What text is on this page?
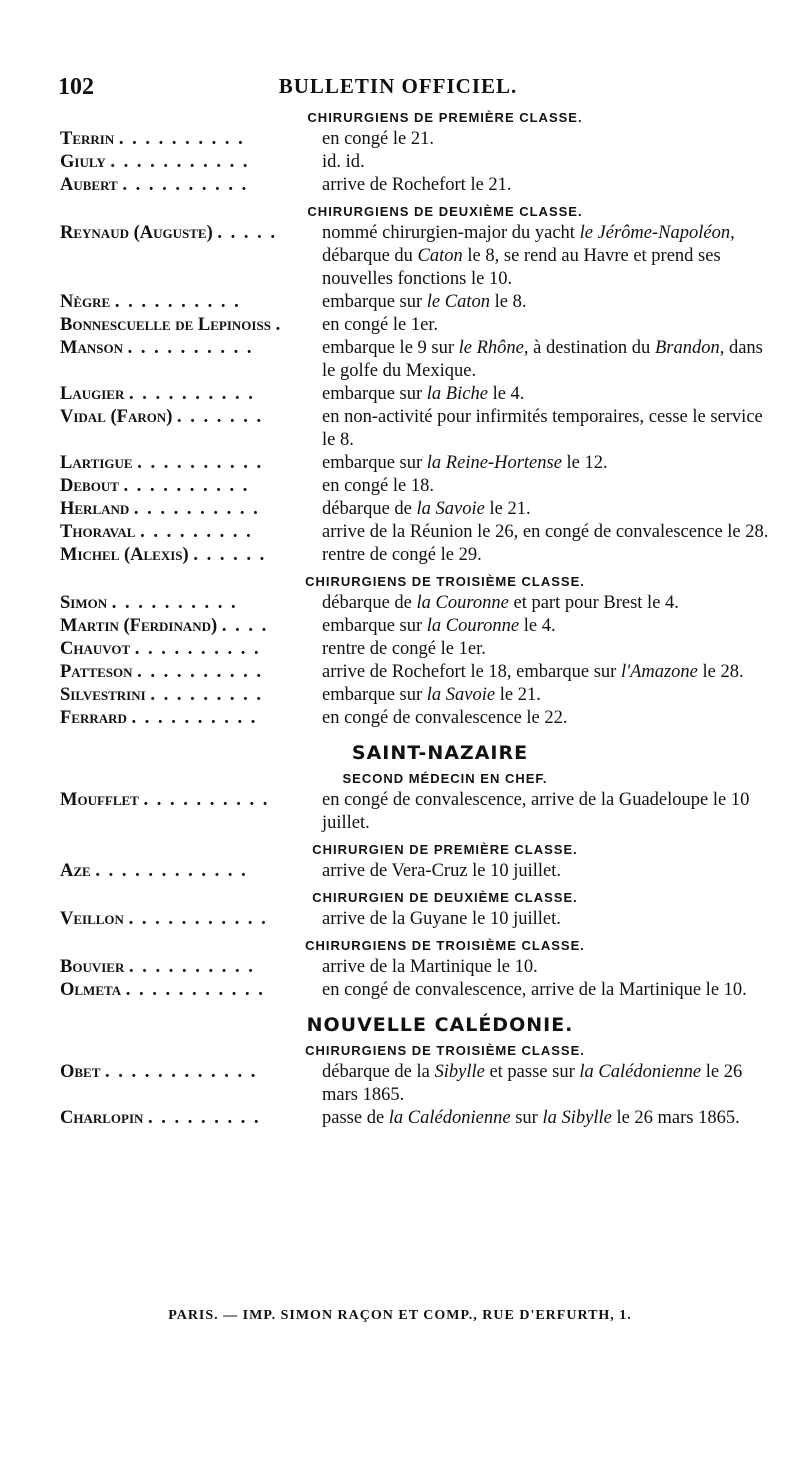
102	BULLETIN OFFICIEL.
CHIRURGIENS DE PREMIÈRE CLASSE.
Terrin . . . . . . . . . .	en congé le 21.
Giuly . . . . . . . . . . .	id. id.
Aubert . . . . . . . . . .	arrive de Rochefort le 21.
CHIRURGIENS DE DEUXIÈME CLASSE.
Reynaud (Auguste) . . . . .	nommé chirurgien-major du yacht le Jérôme-Napoléon, débarque du Caton le 8, se rend au Havre et prend ses nouvelles fonctions le 10.
Nègre . . . . . . . . . .	embarque sur le Caton le 8.
Bonnescuelle de Lepinoiss .	en congé le 1er.
Manson . . . . . . . . . .	embarque le 9 sur le Rhône, à destination du Brandon, dans le golfe du Mexique.
Laugier . . . . . . . . . .	embarque sur la Biche le 4.
Vidal (Faron) . . . . . . .	en non-activité pour infirmités temporaires, cesse le service le 8.
Lartigue . . . . . . . . . .	embarque sur la Reine-Hortense le 12.
Debout . . . . . . . . . .	en congé le 18.
Herland . . . . . . . . . .	débarque de la Savoie le 21.
Thoraval . . . . . . . . .	arrive de la Réunion le 26, en congé de convalescence le 28.
Michel (Alexis) . . . . . .	rentre de congé le 29.
CHIRURGIENS DE TROISIÈME CLASSE.
Simon . . . . . . . . . .	débarque de la Couronne et part pour Brest le 4.
Martin (Ferdinand) . . . .	embarque sur la Couronne le 4.
Chauvot . . . . . . . . . .	rentre de congé le 1er.
Patteson . . . . . . . . . .	arrive de Rochefort le 18, embarque sur l'Amazone le 28.
Silvestrini . . . . . . . . .	embarque sur la Savoie le 21.
Ferrard . . . . . . . . . .	en congé de convalescence le 22.
SAINT-NAZAIRE
SECOND MÉDECIN EN CHEF.
Moufflet . . . . . . . . . .	en congé de convalescence, arrive de la Guadeloupe le 10 juillet.
CHIRURGIEN DE PREMIÈRE CLASSE.
Aze . . . . . . . . . . . .	arrive de Vera-Cruz le 10 juillet.
CHIRURGIEN DE DEUXIÈME CLASSE.
Veillon . . . . . . . . . . .	arrive de la Guyane le 10 juillet.
CHIRURGIENS DE TROISIÈME CLASSE.
Bouvier . . . . . . . . . .	arrive de la Martinique le 10.
Olmeta . . . . . . . . . . .	en congé de convalescence, arrive de la Martinique le 10.
NOUVELLE CALÉDONIE.
CHIRURGIENS DE TROISIÈME CLASSE.
Obet . . . . . . . . . . . .	débarque de la Sibylle et passe sur la Calédonienne le 26 mars 1865.
Charlopin . . . . . . . . .	passe de la Calédonienne sur la Sibylle le 26 mars 1865.
PARIS. — IMP. SIMON RAÇON ET COMP., RUE D'ERFURTH, 1.
